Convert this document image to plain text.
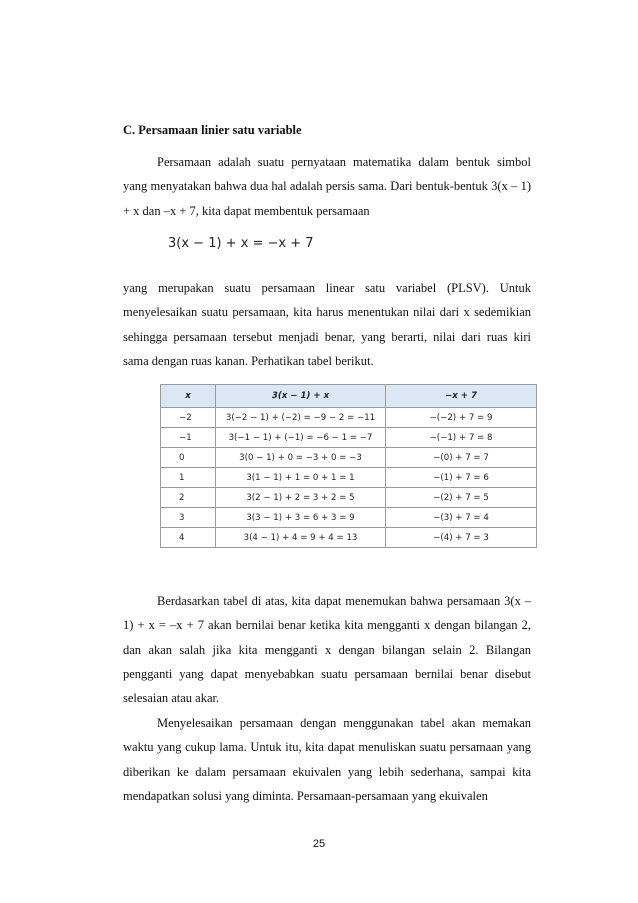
C. Persamaan linier satu variable

Persamaan adalah suatu pernyataan matematika dalam bentuk simbol yang menyatakan bahwa dua hal adalah persis sama. Dari bentuk-bentuk 3(x – 1) + x dan –x + 7, kita dapat membentuk persamaan

3(x − 1) + x = −x + 7

yang merupakan suatu persamaan linear satu variabel (PLSV). Untuk menyelesaikan suatu persamaan, kita harus menentukan nilai dari x sedemikian sehingga persamaan tersebut menjadi benar, yang berarti, nilai dari ruas kiri sama dengan ruas kanan. Perhatikan tabel berikut.

x	3(x − 1) + x	−x + 7
−2	3(−2 − 1) + (−2) = −9 − 2 = −11	−(−2) + 7 = 9
−1	3(−1 − 1) + (−1) = −6 − 1 = −7	−(−1) + 7 = 8
0	3(0 − 1) + 0 = −3 + 0 = −3	−(0) + 7 = 7
1	3(1 − 1) + 1 = 0 + 1 = 1	−(1) + 7 = 6
2	3(2 − 1) + 2 = 3 + 2 = 5	−(2) + 7 = 5
3	3(3 − 1) + 3 = 6 + 3 = 9	−(3) + 7 = 4
4	3(4 − 1) + 4 = 9 + 4 = 13	−(4) + 7 = 3

Berdasarkan tabel di atas, kita dapat menemukan bahwa persamaan 3(x – 1) + x = –x + 7 akan bernilai benar ketika kita mengganti x dengan bilangan 2, dan akan salah jika kita mengganti x dengan bilangan selain 2. Bilangan pengganti yang dapat menyebabkan suatu persamaan bernilai benar disebut selesaian atau akar.

Menyelesaikan persamaan dengan menggunakan tabel akan memakan waktu yang cukup lama. Untuk itu, kita dapat menuliskan suatu persamaan yang diberikan ke dalam persamaan ekuivalen yang lebih sederhana, sampai kita mendapatkan solusi yang diminta. Persamaan-persamaan yang ekuivalen

25
